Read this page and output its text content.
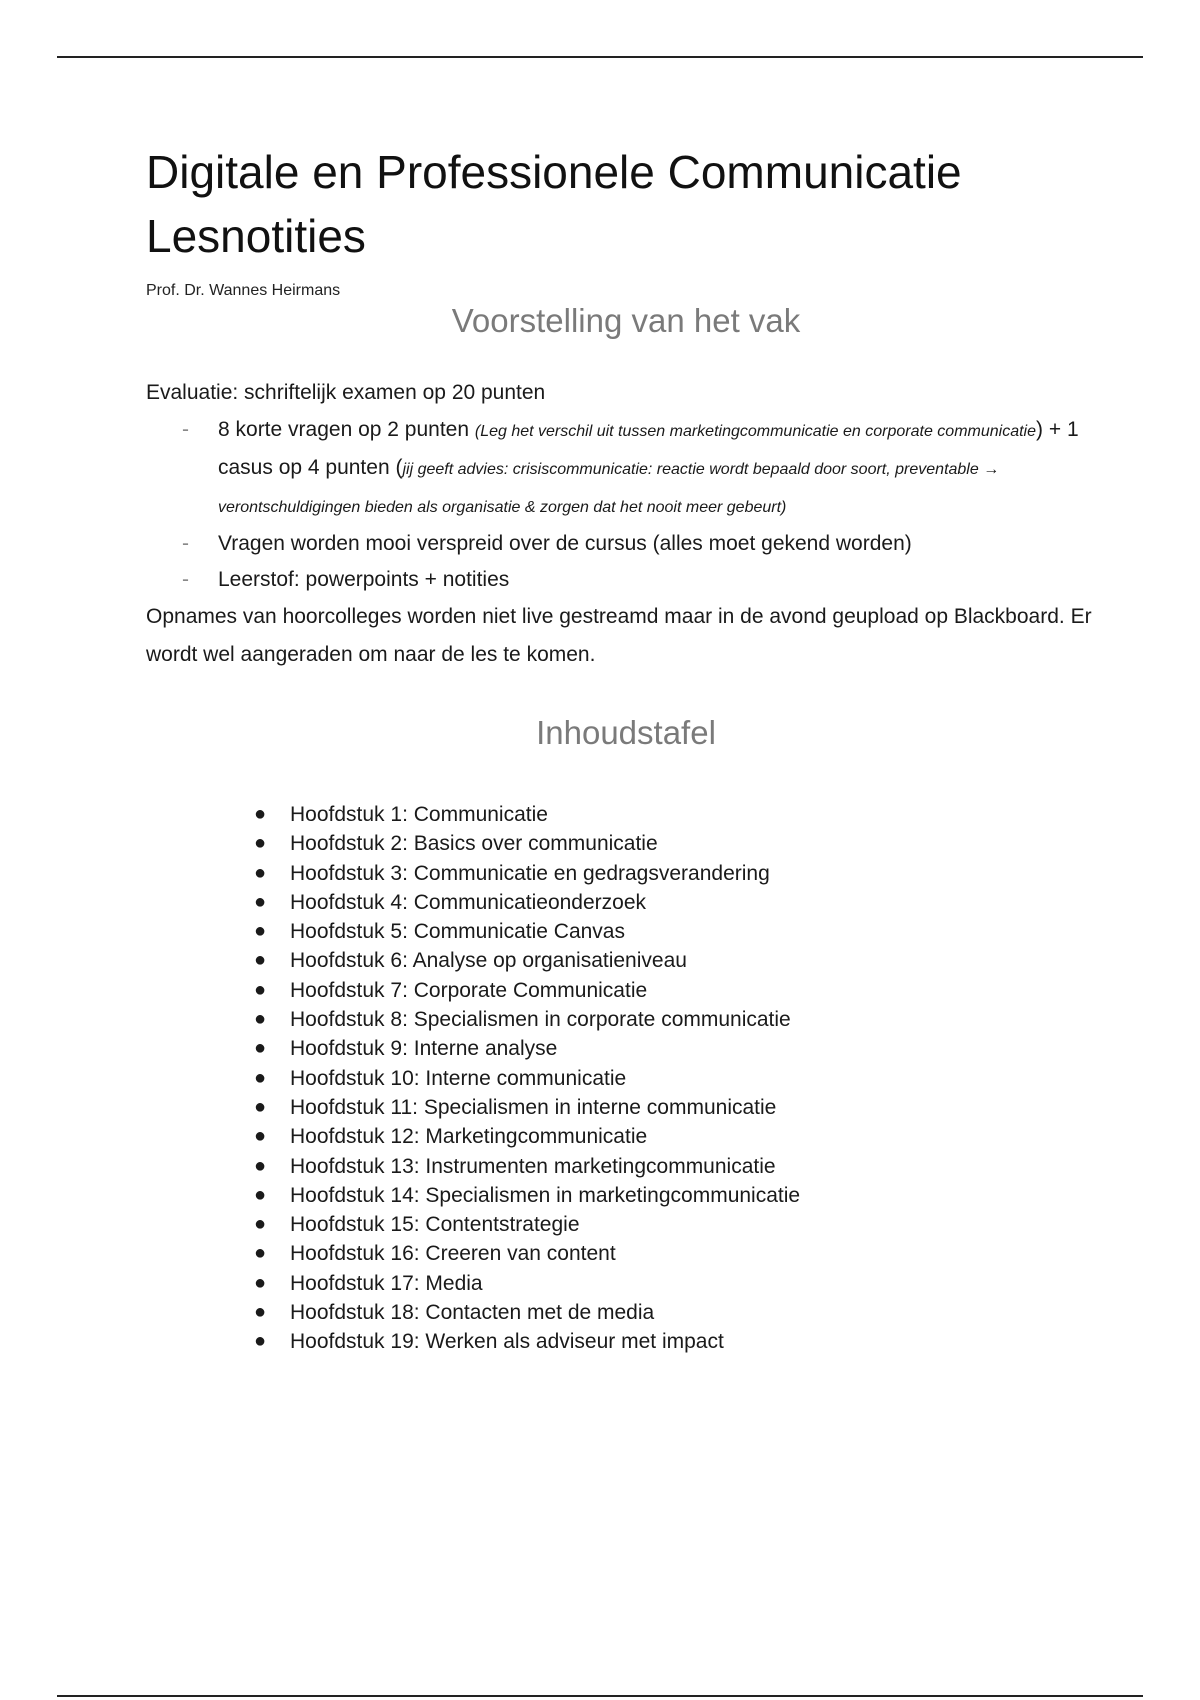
Digitale en Professionele Communicatie Lesnotities
Prof. Dr. Wannes Heirmans
Voorstelling van het vak
Evaluatie: schriftelijk examen op 20 punten
- 8 korte vragen op 2 punten (Leg het verschil uit tussen marketingcommunicatie en corporate communicatie) + 1 casus op 4 punten (jij geeft advies: crisiscommunicatie: reactie wordt bepaald door soort, preventable → verontschuldigingen bieden als organisatie & zorgen dat het nooit meer gebeurt)
- Vragen worden mooi verspreid over de cursus (alles moet gekend worden)
- Leerstof: powerpoints + notities
Opnames van hoorcolleges worden niet live gestreamd maar in de avond geupload op Blackboard. Er wordt wel aangeraden om naar de les te komen.
Inhoudstafel
● Hoofdstuk 1: Communicatie
● Hoofdstuk 2: Basics over communicatie
● Hoofdstuk 3: Communicatie en gedragsverandering
● Hoofdstuk 4: Communicatieonderzoek
● Hoofdstuk 5: Communicatie Canvas
● Hoofdstuk 6: Analyse op organisatieniveau
● Hoofdstuk 7: Corporate Communicatie
● Hoofdstuk 8: Specialismen in corporate communicatie
● Hoofdstuk 9: Interne analyse
● Hoofdstuk 10: Interne communicatie
● Hoofdstuk 11: Specialismen in interne communicatie
● Hoofdstuk 12: Marketingcommunicatie
● Hoofdstuk 13: Instrumenten marketingcommunicatie
● Hoofdstuk 14: Specialismen in marketingcommunicatie
● Hoofdstuk 15: Contentstrategie
● Hoofdstuk 16: Creeren van content
● Hoofdstuk 17: Media
● Hoofdstuk 18: Contacten met de media
● Hoofdstuk 19: Werken als adviseur met impact
